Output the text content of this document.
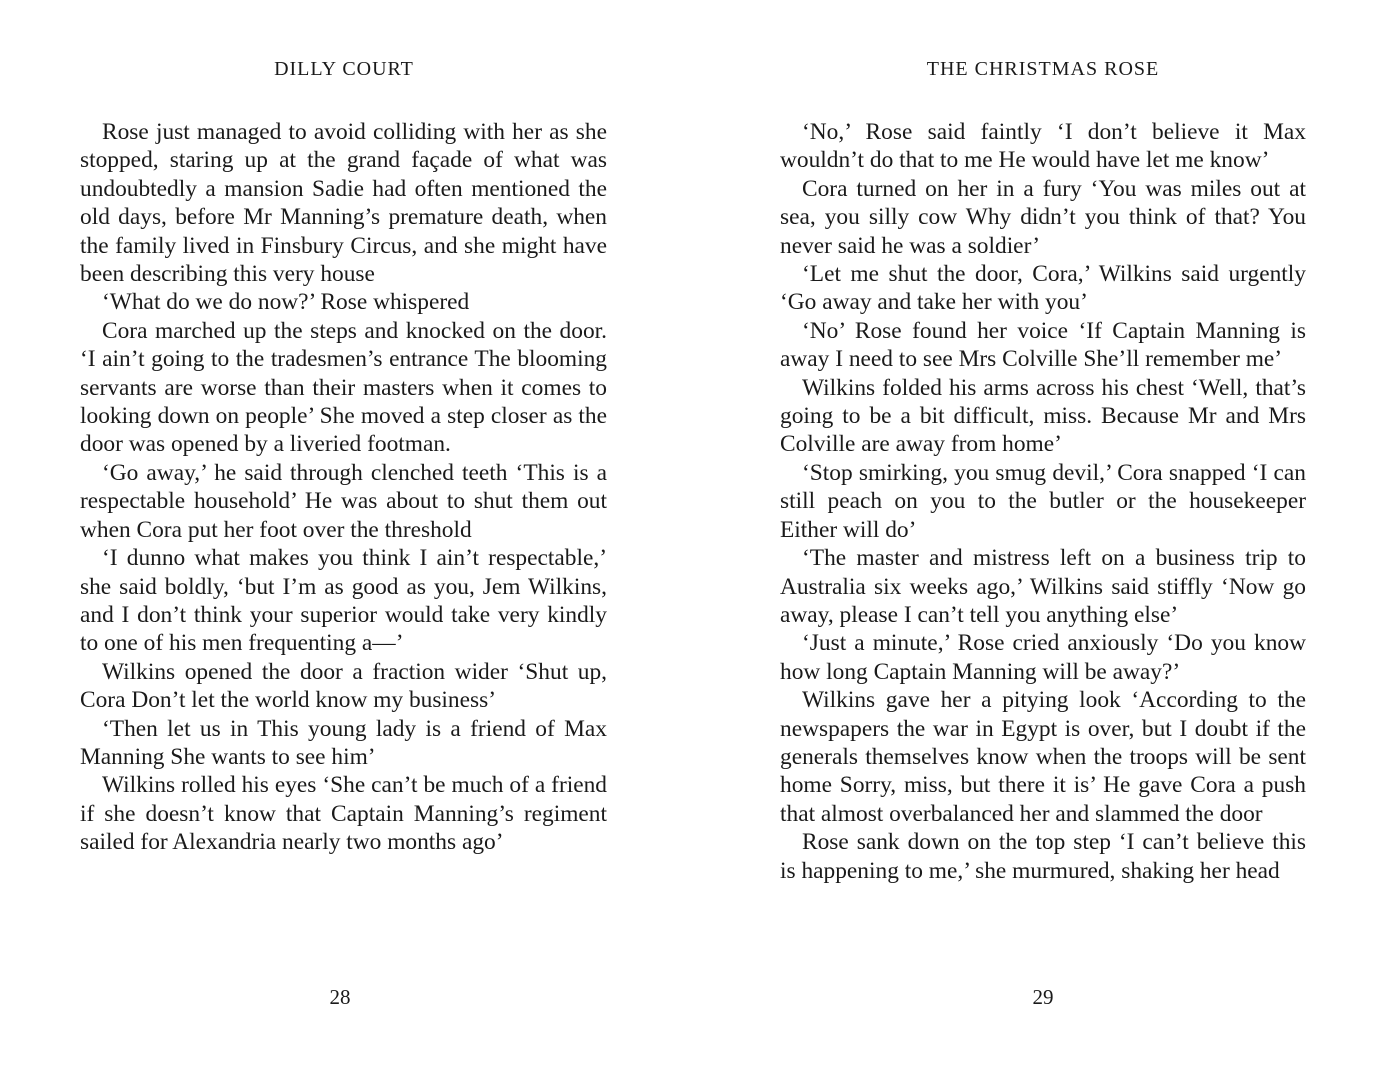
DILLY COURT

Rose just managed to avoid colliding with her as she stopped, staring up at the grand façade of what was undoubtedly a mansion Sadie had often mentioned the old days, before Mr Manning’s premature death, when the family lived in Finsbury Circus, and she might have been describing this very house

‘What do we do now?’ Rose whispered

Cora marched up the steps and knocked on the door. ‘I ain’t going to the tradesmen’s entrance The blooming servants are worse than their masters when it comes to looking down on people’ She moved a step closer as the door was opened by a liveried footman.

‘Go away,’ he said through clenched teeth ‘This is a respectable household’ He was about to shut them out when Cora put her foot over the threshold

‘I dunno what makes you think I ain’t respectable,’ she said boldly, ‘but I’m as good as you, Jem Wilkins, and I don’t think your superior would take very kindly to one of his men frequenting a—’

Wilkins opened the door a fraction wider ‘Shut up, Cora Don’t let the world know my business’

‘Then let us in This young lady is a friend of Max Manning She wants to see him’

Wilkins rolled his eyes ‘She can’t be much of a friend if she doesn’t know that Captain Manning’s regiment sailed for Alexandria nearly two months ago’

28
THE CHRISTMAS ROSE

‘No,’ Rose said faintly ‘I don’t believe it Max wouldn’t do that to me He would have let me know’

Cora turned on her in a fury ‘You was miles out at sea, you silly cow Why didn’t you think of that? You never said he was a soldier’

‘Let me shut the door, Cora,’ Wilkins said urgently ‘Go away and take her with you’

‘No’ Rose found her voice ‘If Captain Manning is away I need to see Mrs Colville She’ll remember me’

Wilkins folded his arms across his chest ‘Well, that’s going to be a bit difficult, miss. Because Mr and Mrs Colville are away from home’

‘Stop smirking, you smug devil,’ Cora snapped ‘I can still peach on you to the butler or the housekeeper Either will do’

‘The master and mistress left on a business trip to Australia six weeks ago,’ Wilkins said stiffly ‘Now go away, please I can’t tell you anything else’

‘Just a minute,’ Rose cried anxiously ‘Do you know how long Captain Manning will be away?’

Wilkins gave her a pitying look ‘According to the newspapers the war in Egypt is over, but I doubt if the generals themselves know when the troops will be sent home Sorry, miss, but there it is’ He gave Cora a push that almost overbalanced her and slammed the door

Rose sank down on the top step ‘I can’t believe this is happening to me,’ she murmured, shaking her head

29
